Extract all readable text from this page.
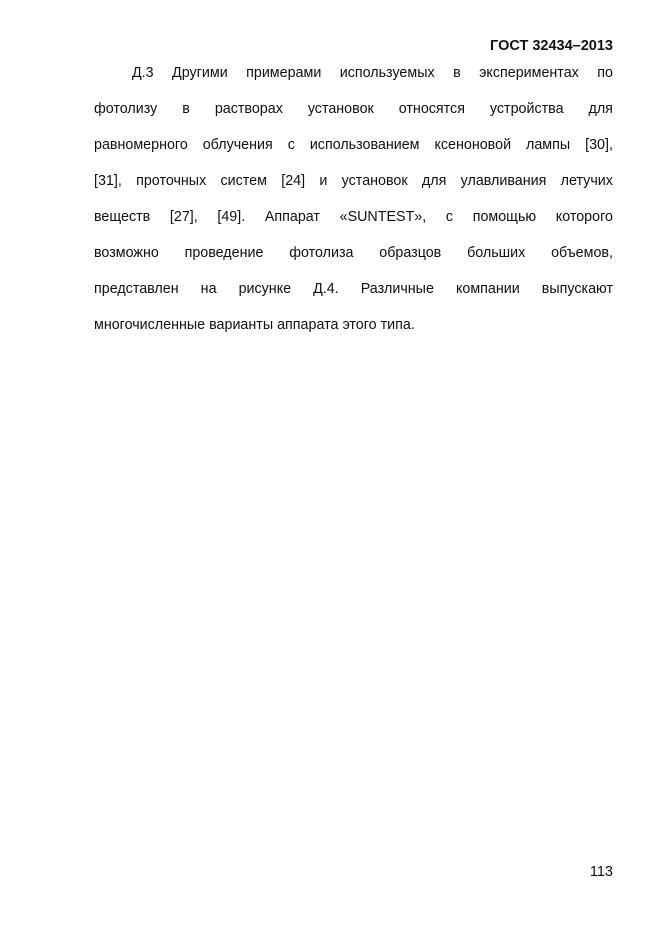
ГОСТ 32434–2013
Д.3 Другими примерами используемых в экспериментах по
фотолизу в растворах установок относятся устройства для
равномерного облучения с использованием ксеноновой лампы [30],
[31], проточных систем [24] и установок для улавливания летучих
веществ [27], [49]. Аппарат «SUNTEST», с помощью которого
возможно проведение фотолиза образцов больших объемов,
представлен на рисунке Д.4. Различные компании выпускают
многочисленные варианты аппарата этого типа.
113
